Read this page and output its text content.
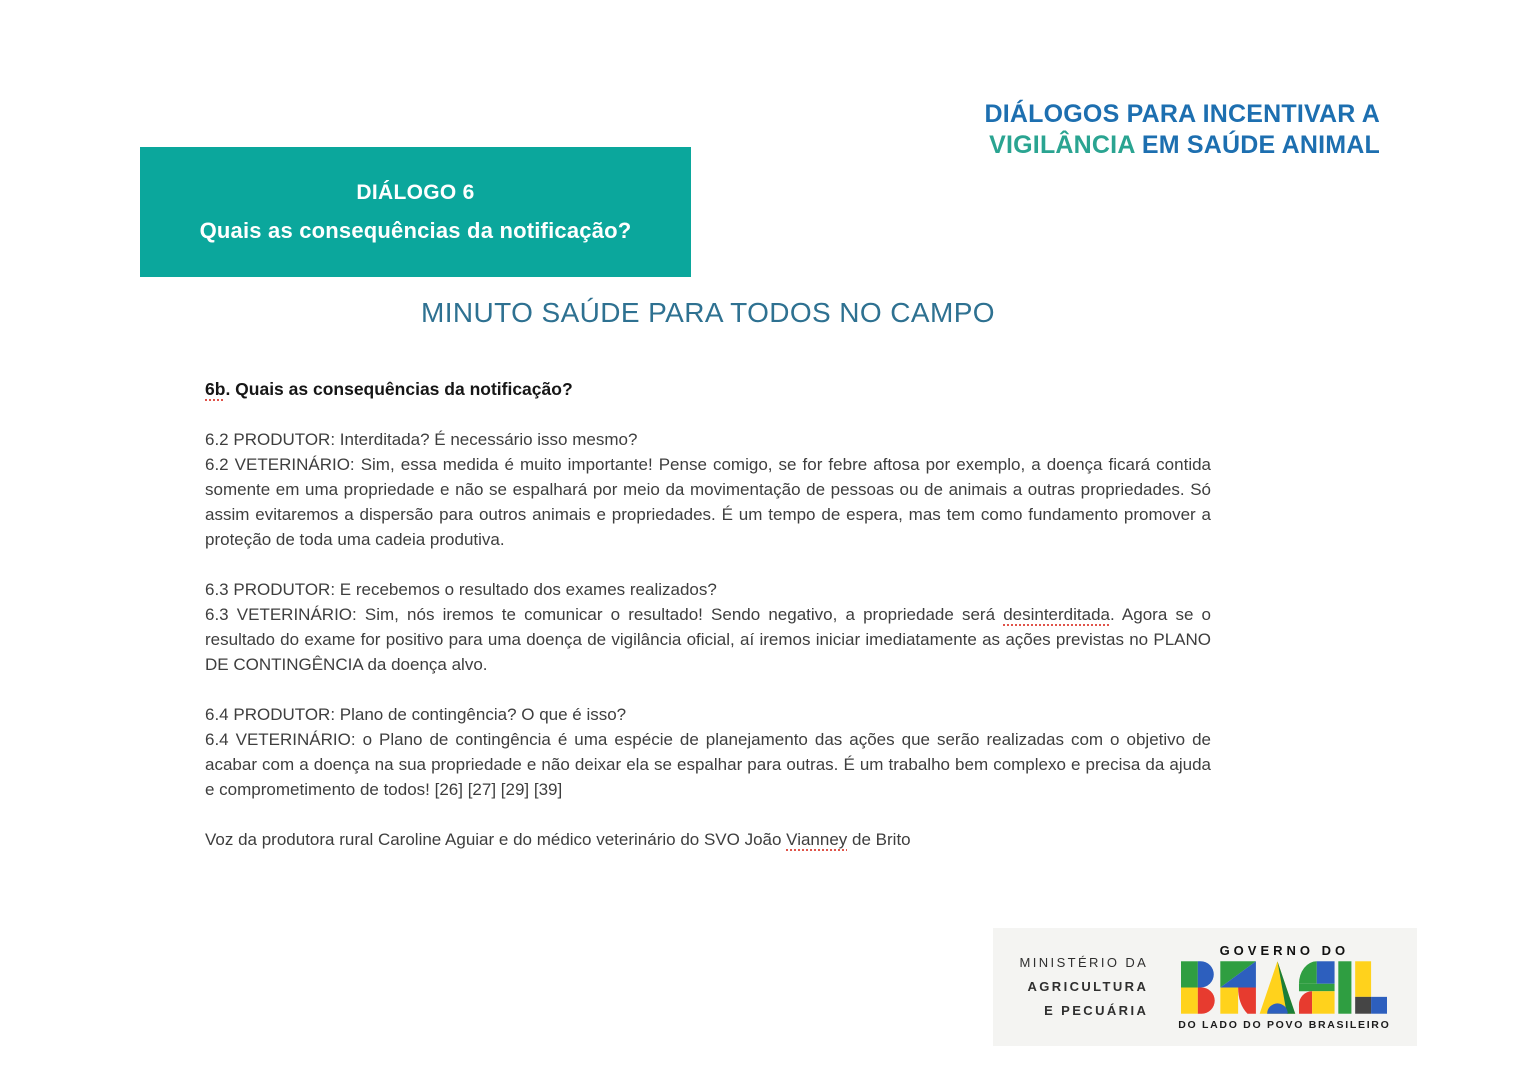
DIÁLOGOS PARA INCENTIVAR A
VIGILÂNCIA EM SAÚDE ANIMAL
DIÁLOGO 6
Quais as consequências da notificação?
MINUTO SAÚDE PARA TODOS NO CAMPO

6b. Quais as consequências da notificação?

6.2 PRODUTOR: Interditada? É necessário isso mesmo?

6.2 VETERINÁRIO: Sim, essa medida é muito importante! Pense comigo, se for febre aftosa por exemplo, a doença ficará contida somente em uma propriedade e não se espalhará por meio da movimentação de pessoas ou de animais a outras propriedades. Só assim evitaremos a dispersão para outros animais e propriedades. É um tempo de espera, mas tem como fundamento promover a proteção de toda uma cadeia produtiva.

6.3 PRODUTOR: E recebemos o resultado dos exames realizados?

6.3 VETERINÁRIO: Sim, nós iremos te comunicar o resultado! Sendo negativo, a propriedade será desinterditada. Agora se o resultado do exame for positivo para uma doença de vigilância oficial, aí iremos iniciar imediatamente as ações previstas no PLANO DE CONTINGÊNCIA da doença alvo.

6.4 PRODUTOR: Plano de contingência? O que é isso?

6.4 VETERINÁRIO: o Plano de contingência é uma espécie de planejamento das ações que serão realizadas com o objetivo de acabar com a doença na sua propriedade e não deixar ela se espalhar para outras. É um trabalho bem complexo e precisa da ajuda e comprometimento de todos! [26] [27] [29] [39]

Voz da produtora rural Caroline Aguiar e do médico veterinário do SVO João Vianney de Brito

MINISTÉRIO DA
AGRICULTURA
E PECUÁRIA
GOVERNO DO
DO LADO DO POVO BRASILEIRO
